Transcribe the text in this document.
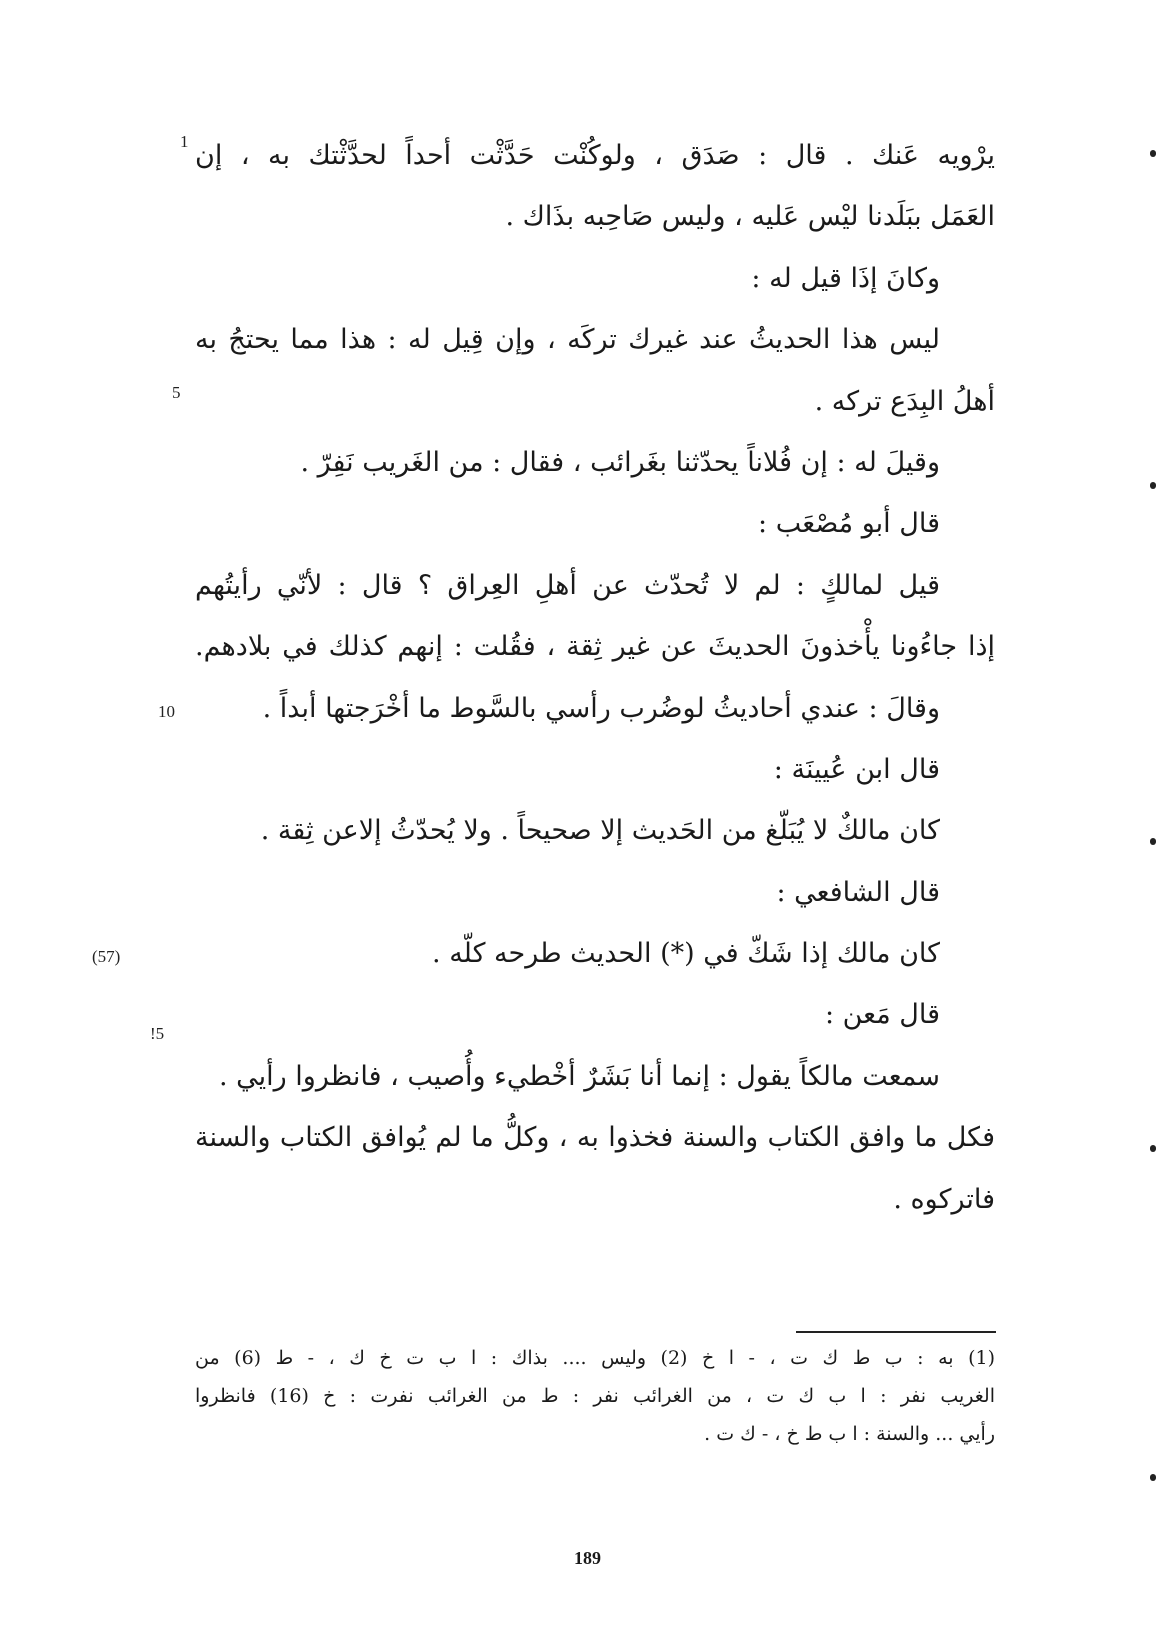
يرْويه عَنك . قال : صَدَق ، ولوكُنْت حَدَّثْت أحداً لحدَّثْتك به ، إن
العَمَل ببَلَدنا ليْس عَليه ، وليس صَاحِبه بذَاك .
وكانَ إذَا قيل له :
ليس هذا الحديثُ عند غيرك تركَه ، وإن قِيل له : هذا مما يحتجُ به
أهلُ البِدَع تركه .
وقيلَ له : إن فُلاناً يحدّثنا بغَرائب ، فقال : من الغَريب نَفِرّ .
قال أبو مُصْعَب :
قيل لمالكٍ : لم لا تُحدّث عن أهلِ العِراق ؟ قال : لأنّي رأيتُهم
إذا جاءُونا يأْخذونَ الحديثَ عن غير ثِقة ، فقُلت : إنهم كذلك في بلادهم.
وقالَ : عندي أحاديثُ لوضُرب رأسي بالسَّوط ما أخْرَجتها أبداً .
قال ابن عُيينَة :
كان مالكٌ لا يُبَلّغ من الحَديث إلا صحيحاً . ولا يُحدّثُ إلاعن ثِقة .
قال الشافعي :
كان مالك إذا شَكّ في (*) الحديث طرحه كلّه .
قال مَعن :
سمعت مالكاً يقول : إنما أنا بَشَرٌ أخْطيء وأُصيب ، فانظروا رأيي .
فكل ما وافق الكتاب والسنة فخذوا به ، وكلُّ ما لم يُوافق الكتاب والسنة
فاتركوه .
1
5
10
(57)
!5
(1) به : ب ط ك ت ، - ا خ (2) وليس .... بذاك : ا ب ت خ ك ، - ط (6) من
الغريب نفر : ا ب ك ت ، من الغرائب نفر : ط من الغرائب نفرت : خ (16) فانظروا
رأيي ... والسنة : ا ب ط خ ، - ك ت .
189
